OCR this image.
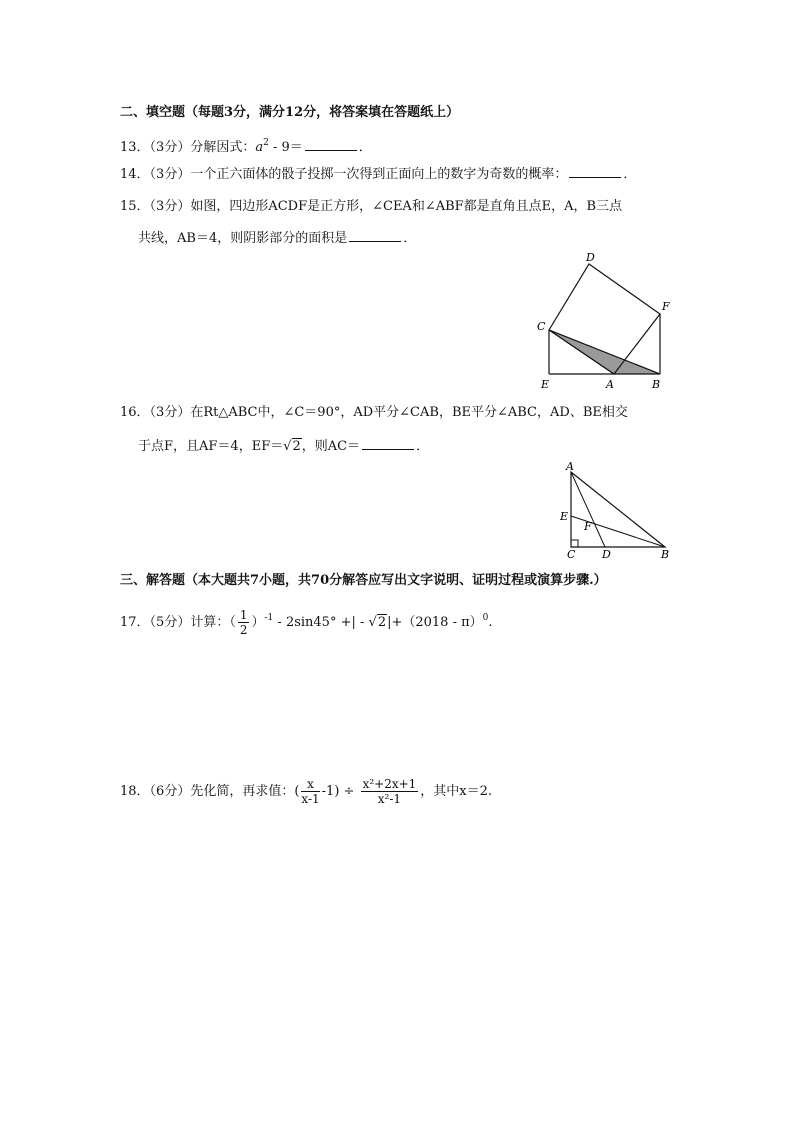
二、填空题（每题3分，满分12分，将答案填在答题纸上）
13．（3分）分解因式：$a^2 - 9=$	．
14．（3分）一个正六面体的骰子投掷一次得到正面向上的数字为奇数的概率：	．
15．（3分）如图，四边形ACDF是正方形，∠CEA和∠ABF都是直角且点E，A，B三点
共线，AB＝4，则阴影部分的面积是	．
D
F
C
E	A	B
16．（3分）在Rt△ABC中，∠C＝90°，AD平分∠CAB，BE平分∠ABC，AD、BE相交
于点F，且AF＝4，EF＝√2，则AC＝	．
A
E
F
C D	B
三、解答题（本大题共7小题，共70分解答应写出文字说明、证明过程或演算步骤.）
17．（5分）计算：（ $\frac{1}{2} )^{-1} - 2\sin 45^\circ$ +| - √2|+（2018 - π）$^0$.
18．（6分）先化简，再求值：( $\frac{x}{x-1} -1) \div \frac{\text{x²+2x+1}}{\text{x²-1}}$ ，其中x＝2.
